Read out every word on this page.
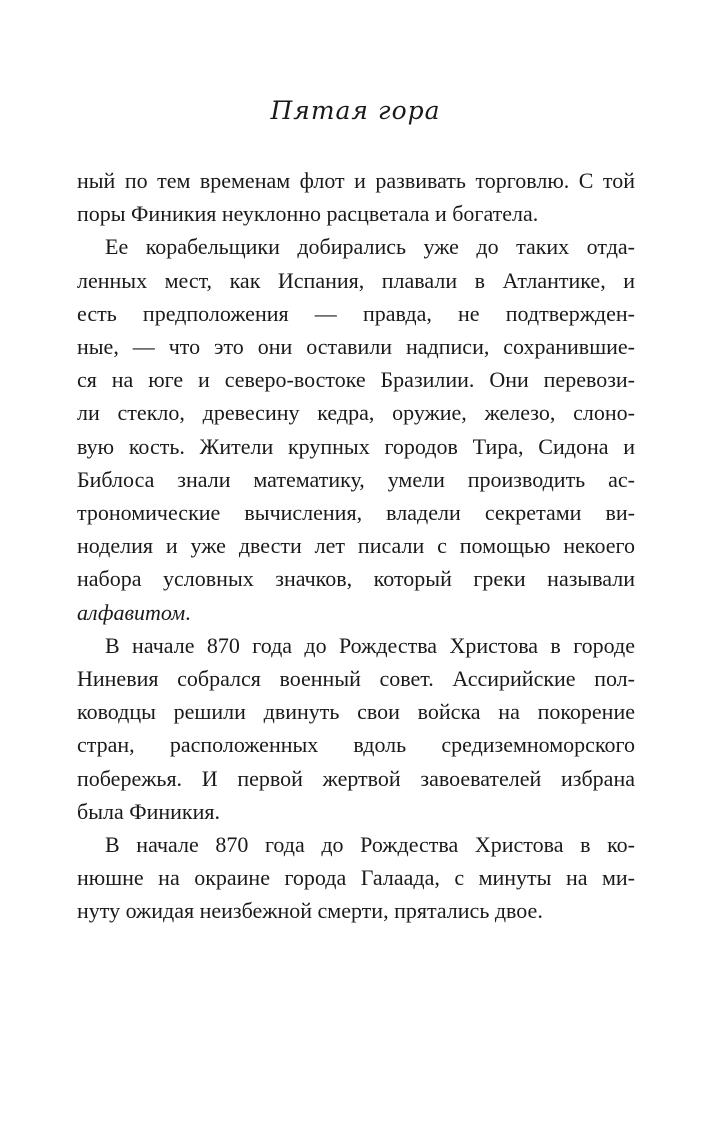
Пятая гора
ный по тем временам флот и развивать торговлю. С той
поры Финикия неуклонно расцветала и богатела.
Ее корабельщики добирались уже до таких отда-
ленных мест, как Испания, плавали в Атлантике, и
есть предположения — правда, не подтвержден-
ные, — что это они оставили надписи, сохранившие-
ся на юге и северо-востоке Бразилии. Они перевози-
ли стекло, древесину кедра, оружие, железо, слоно-
вую кость. Жители крупных городов Тира, Сидона и
Библоса знали математику, умели производить ас-
трономические вычисления, владели секретами ви-
ноделия и уже двести лет писали с помощью некоего
набора условных значков, который греки называли
алфавитом.
В начале 870 года до Рождества Христова в городе
Ниневия собрался военный совет. Ассирийские пол-
ководцы решили двинуть свои войска на покорение
стран, расположенных вдоль средиземноморского
побережья. И первой жертвой завоевателей избрана
была Финикия.
В начале 870 года до Рождества Христова в ко-
нюшне на окраине города Галаада, с минуты на ми-
нуту ожидая неизбежной смерти, прятались двое.
